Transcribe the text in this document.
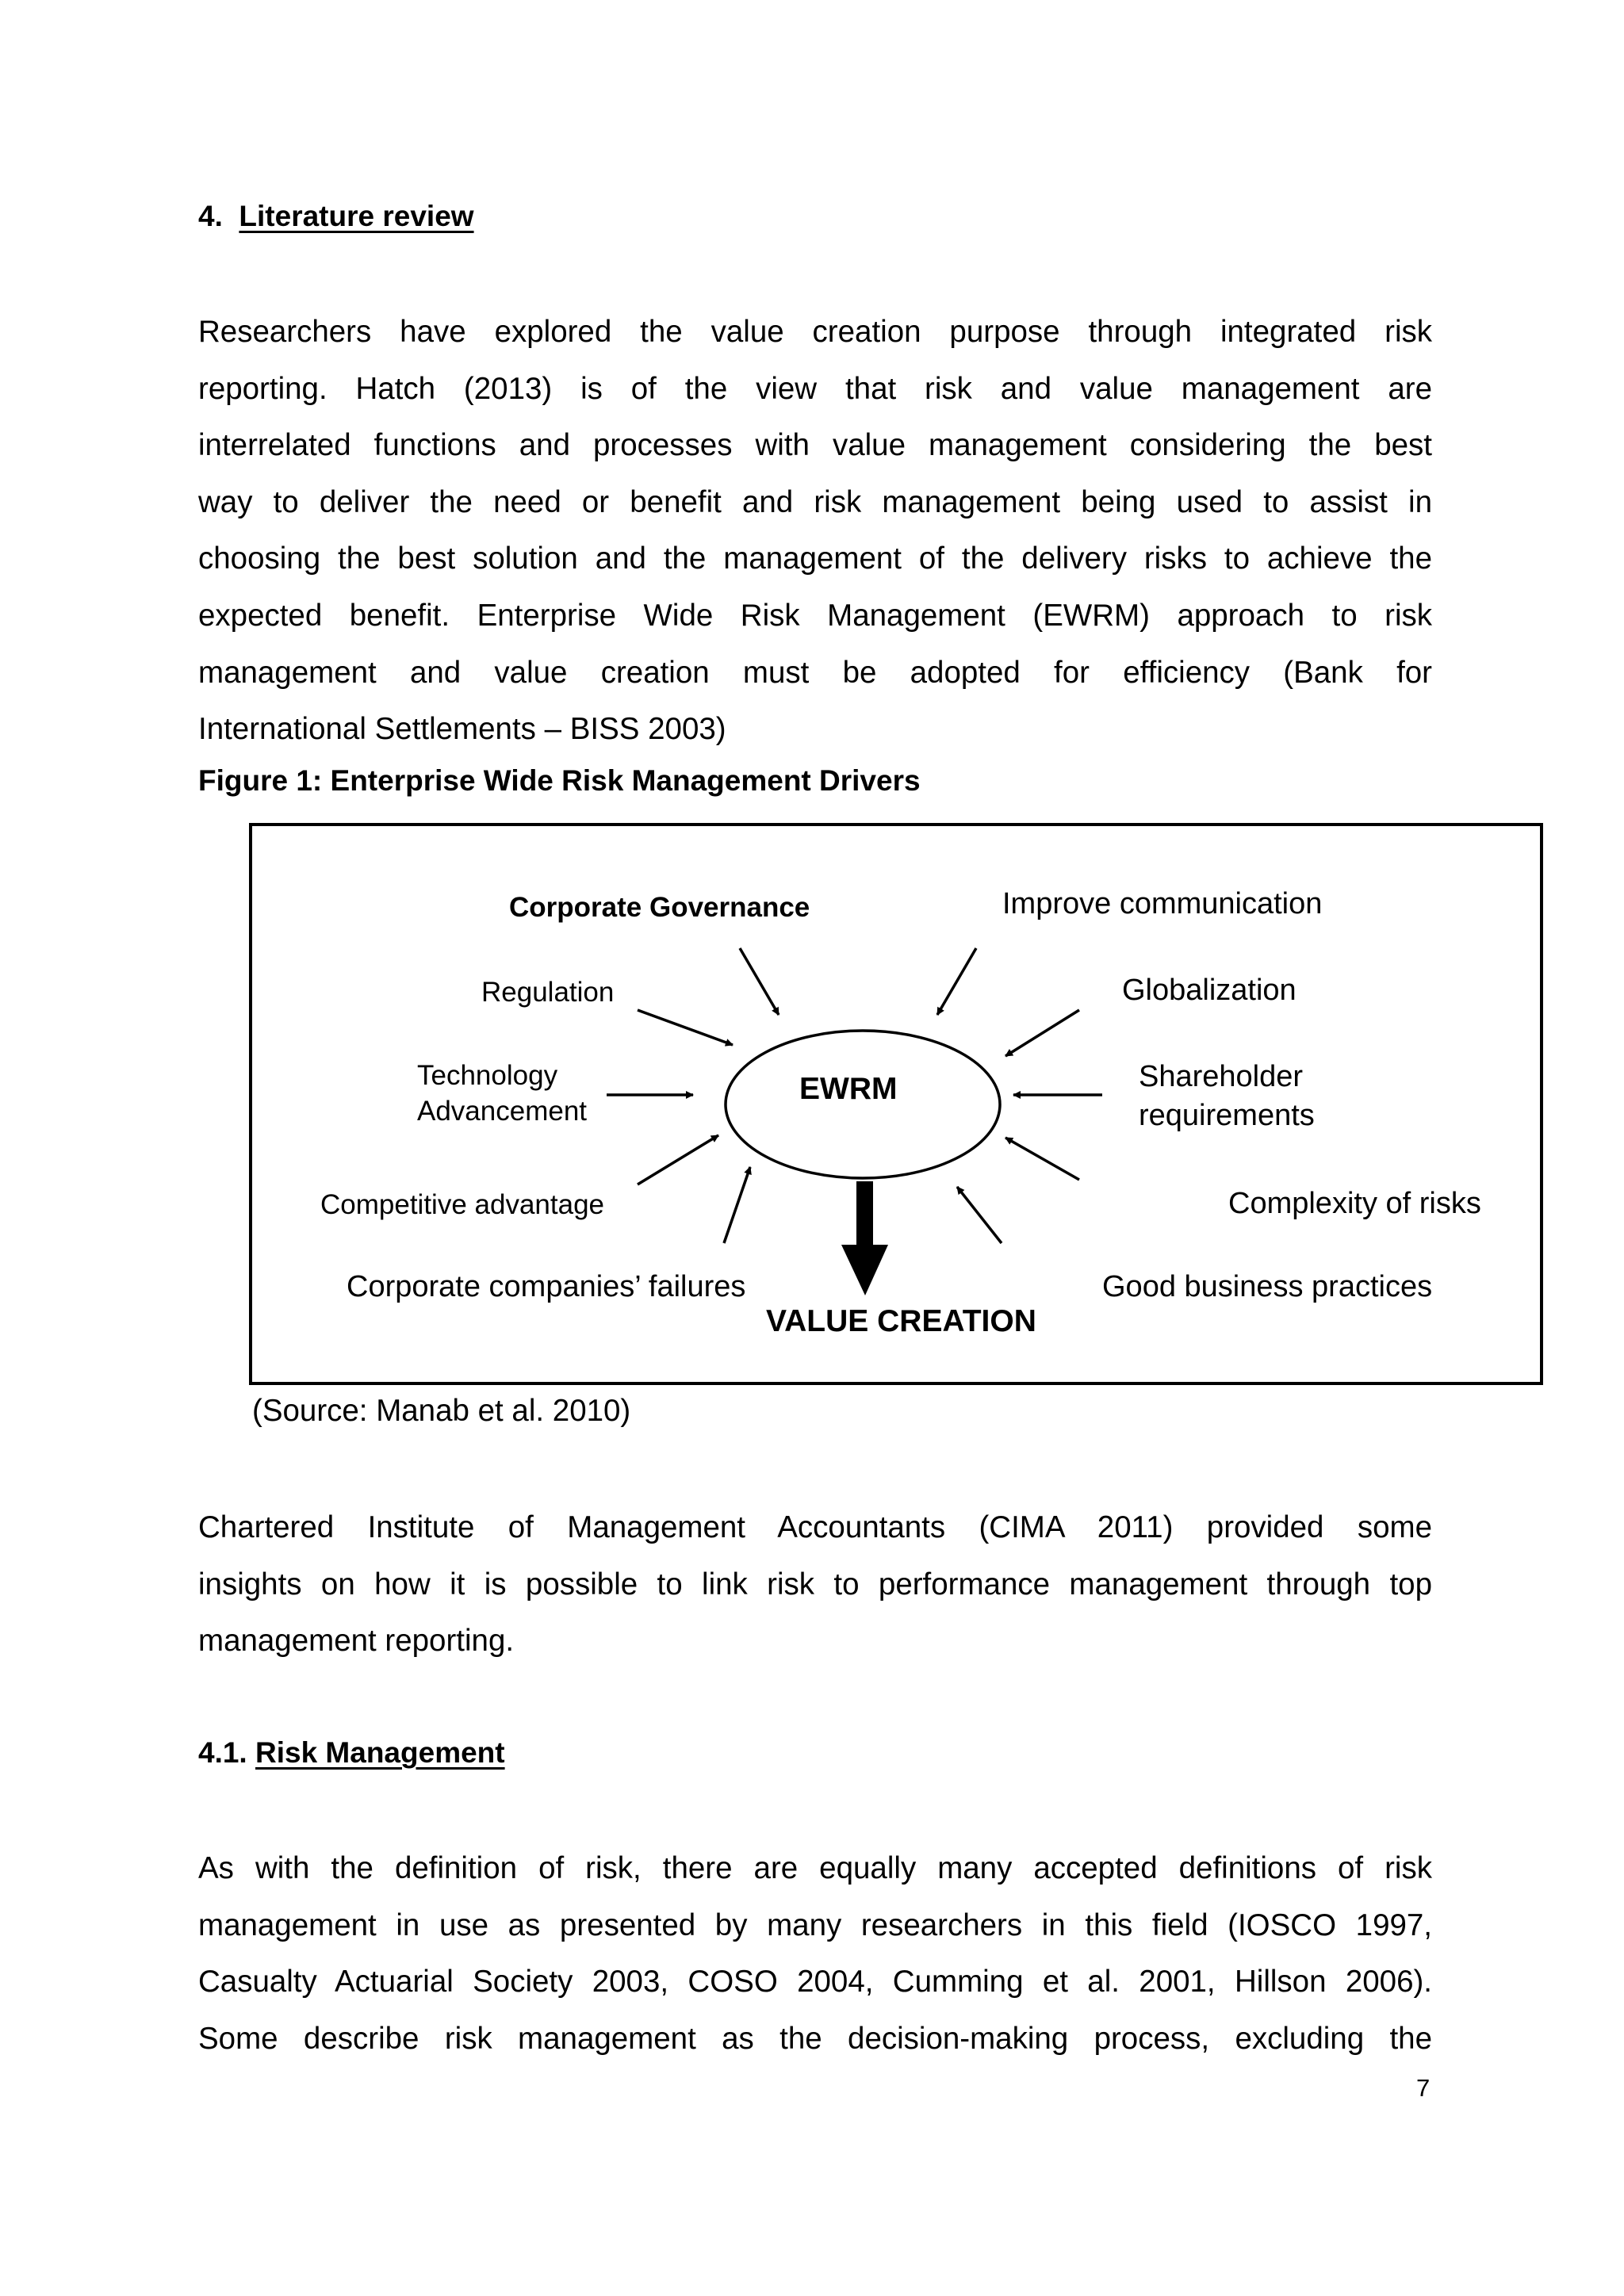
4. Literature review

Researchers have explored the value creation purpose through integrated risk
reporting. Hatch (2013) is of the view that risk and value management are
interrelated functions and processes with value management considering the best
way to deliver the need or benefit and risk management being used to assist in
choosing the best solution and the management of the delivery risks to achieve the
expected benefit. Enterprise Wide Risk Management (EWRM) approach to risk
management and value creation must be adopted for efficiency (Bank for
International Settlements – BISS 2003)

Figure 1: Enterprise Wide Risk Management Drivers

EWRM
Corporate Governance	Improve communication
Regulation	Globalization
Technology
Advancement
Shareholder
requirements
Competitive advantage	Complexity of risks
Corporate companies’ failures	Good business practices
VALUE CREATION

(Source: Manab et al. 2010)

Chartered Institute of Management Accountants (CIMA 2011) provided some
insights on how it is possible to link risk to performance management through top
management reporting.

4.1. Risk Management

As with the definition of risk, there are equally many accepted definitions of risk
management in use as presented by many researchers in this field (IOSCO 1997,
Casualty Actuarial Society 2003, COSO 2004, Cumming et al. 2001, Hillson 2006).
Some describe risk management as the decision-making process, excluding the

7
